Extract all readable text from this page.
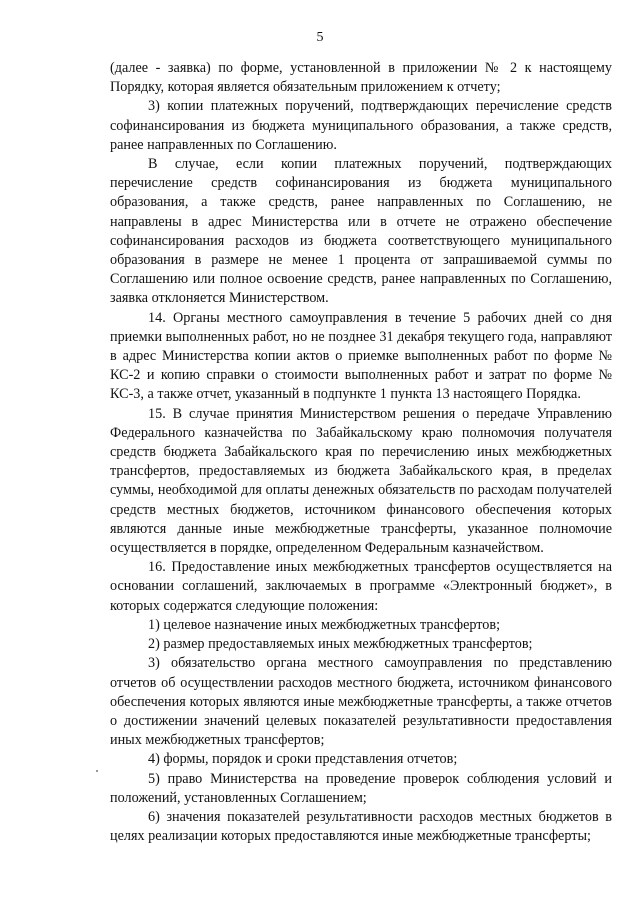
5

(далее - заявка) по форме, установленной в приложении № 2 к настоящему Порядку, которая является обязательным приложением к отчету;

3) копии платежных поручений, подтверждающих перечисление средств софинансирования из бюджета муниципального образования, а также средств, ранее направленных по Соглашению.

В случае, если копии платежных поручений, подтверждающих перечисление средств софинансирования из бюджета муниципального образования, а также средств, ранее направленных по Соглашению, не направлены в адрес Министерства или в отчете не отражено обеспечение софинансирования расходов из бюджета соответствующего муниципального образования в размере не менее 1 процента от запрашиваемой суммы по Соглашению или полное освоение средств, ранее направленных по Соглашению, заявка отклоняется Министерством.

14. Органы местного самоуправления в течение 5 рабочих дней со дня приемки выполненных работ, но не позднее 31 декабря текущего года, направляют в адрес Министерства копии актов о приемке выполненных работ по форме № КС-2 и копию справки о стоимости выполненных работ и затрат по форме № КС-3, а также отчет, указанный в подпункте 1 пункта 13 настоящего Порядка.

15. В случае принятия Министерством решения о передаче Управлению Федерального казначейства по Забайкальскому краю полномочия получателя средств бюджета Забайкальского края по перечислению иных межбюджетных трансфертов, предоставляемых из бюджета Забайкальского края, в пределах суммы, необходимой для оплаты денежных обязательств по расходам получателей средств местных бюджетов, источником финансового обеспечения которых являются данные иные межбюджетные трансферты, указанное полномочие осуществляется в порядке, определенном Федеральным казначейством.

16. Предоставление иных межбюджетных трансфертов осуществляется на основании соглашений, заключаемых в программе «Электронный бюджет», в которых содержатся следующие положения:

1) целевое назначение иных межбюджетных трансфертов;

2) размер предоставляемых иных межбюджетных трансфертов;

3) обязательство органа местного самоуправления по представлению отчетов об осуществлении расходов местного бюджета, источником финансового обеспечения которых являются иные межбюджетные трансферты, а также отчетов о достижении значений целевых показателей результативности предоставления иных межбюджетных трансфертов;

4) формы, порядок и сроки представления отчетов;

5) право Министерства на проведение проверок соблюдения условий и положений, установленных Соглашением;

6) значения показателей результативности расходов местных бюджетов в целях реализации которых предоставляются иные межбюджетные трансферты;
